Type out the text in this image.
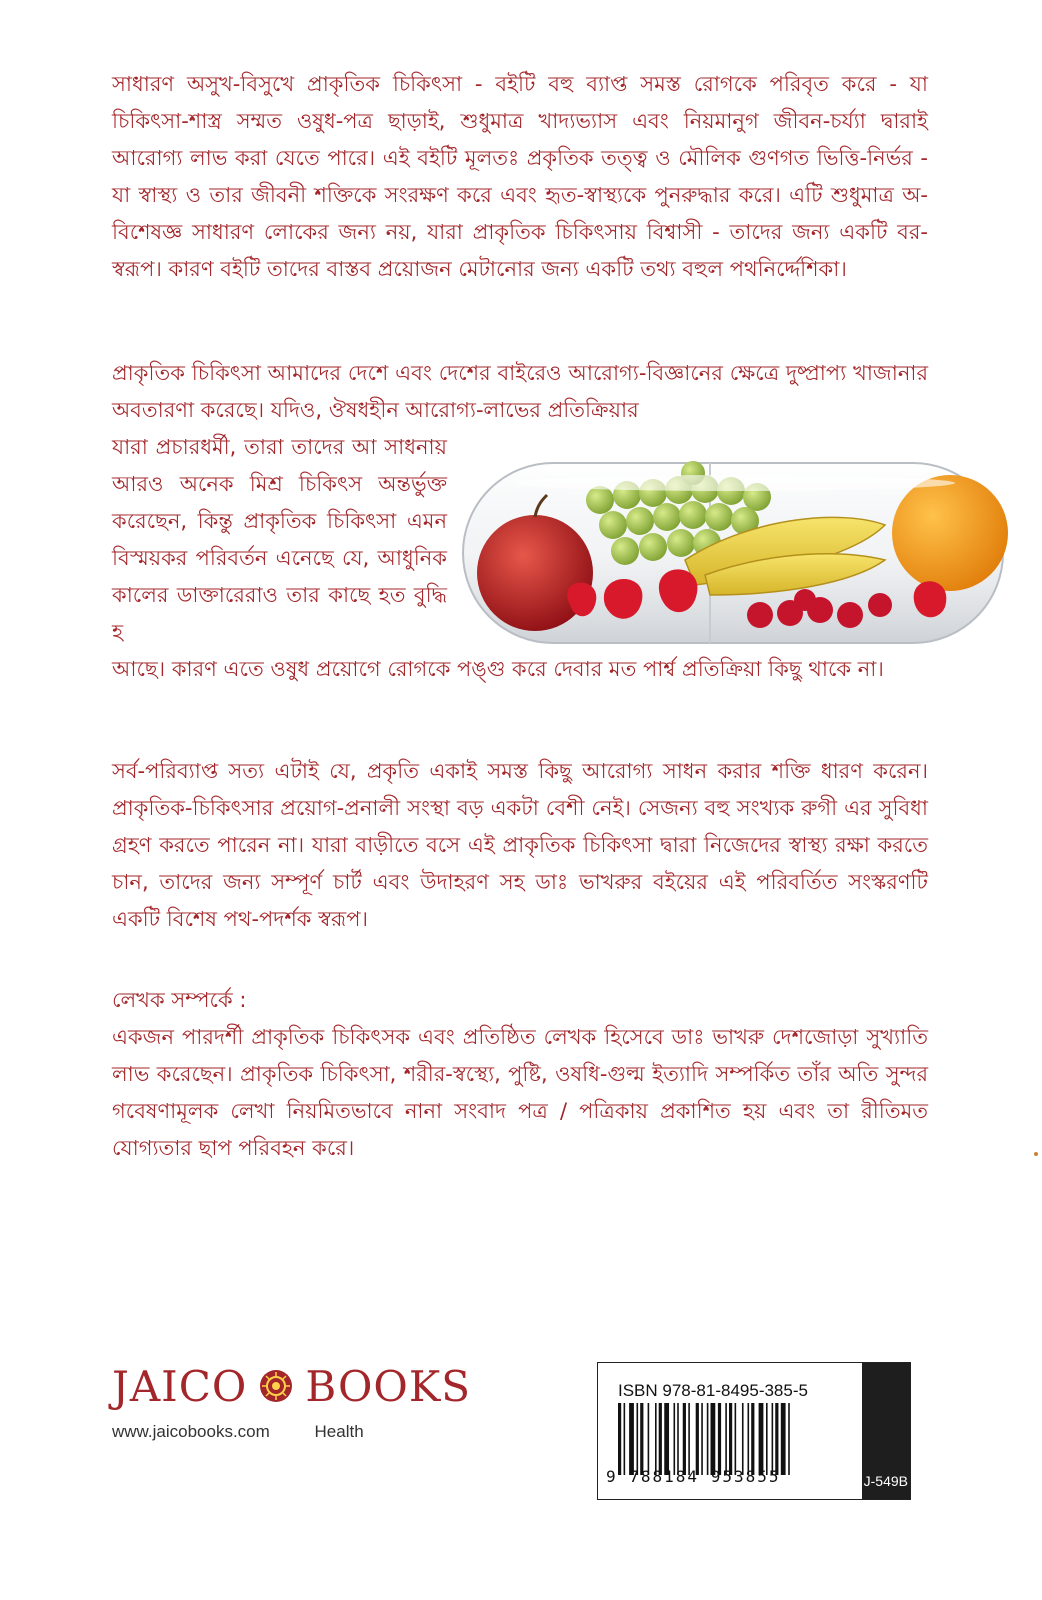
সাধারণ অসুখ-বিসুখে প্রাকৃতিক চিকিৎসা - বইটি বহু ব্যাপ্ত সমস্ত রোগকে পরিবৃত করে - যা চিকিৎসা-শাস্ত্র সম্মত ওষুধ-পত্র ছাড়াই, শুধুমাত্র খাদ্যভ্যাস এবং নিয়মানুগ জীবন-চর্য্যা দ্বারাই আরোগ্য লাভ করা যেতে পারে। এই বইটি মূলতঃ প্রকৃতিক তত্ত্ব ও মৌলিক গুণগত ভিত্তি-নির্ভর - যা স্বাস্থ্য ও তার জীবনী শক্তিকে সংরক্ষণ করে এবং হৃত-স্বাস্থ্যকে পুনরুদ্ধার করে। এটি শুধুমাত্র অ-বিশেষজ্ঞ সাধারণ লোকের জন্য নয়, যারা প্রাকৃতিক চিকিৎসায় বিশ্বাসী - তাদের জন্য একটি বর-স্বরূপ। কারণ বইটি তাদের বাস্তব প্রয়োজন মেটানোর জন্য একটি তথ্য বহুল পথনির্দ্দেশিকা।

প্রাকৃতিক চিকিৎসা আমাদের দেশে এবং দেশের বাইরেও আরোগ্য-বিজ্ঞানের ক্ষেত্রে দুষ্প্রাপ্য খাজানার অবতারণা করেছে। যদিও, ঔষধহীন আরোগ্য-লাভের প্রতিক্রিয়ার

যারা প্রচারধর্মী, তারা তাদের আ সাধনায় আরও অনেক মিশ্র চিকিৎস অন্তর্ভুক্ত করেছেন, কিন্তু প্রাকৃতিক চিকিৎসা এমন বিস্ময়কর পরিবর্তন এনেছে যে, আধুনিক কালের ডাক্তারেরাও তার কাছে হত বুদ্ধি হ

আছে। কারণ এতে ওষুধ প্রয়োগে রোগকে পঙ্গু করে দেবার মত পার্শ্ব প্রতিক্রিয়া কিছু থাকে না।

সর্ব-পরিব্যাপ্ত সত্য এটাই যে, প্রকৃতি একাই সমস্ত কিছু আরোগ্য সাধন করার শক্তি ধারণ করেন। প্রাকৃতিক-চিকিৎসার প্রয়োগ-প্রনালী সংস্থা বড় একটা বেশী নেই। সেজন্য বহু সংখ্যক রুগী এর সুবিধা গ্রহণ করতে পারেন না। যারা বাড়ীতে বসে এই প্রাকৃতিক চিকিৎসা দ্বারা নিজেদের স্বাস্থ্য রক্ষা করতে চান, তাদের জন্য সম্পূর্ণ চার্ট এবং উদাহরণ সহ ডাঃ ভাখরুর বইয়ের এই পরিবর্তিত সংস্করণটি একটি বিশেষ পথ-পদর্শক স্বরূপ।

লেখক সম্পর্কে :

একজন পারদর্শী প্রাকৃতিক চিকিৎসক এবং প্রতিষ্ঠিত লেখক হিসেবে ডাঃ ভাখরু দেশজোড়া সুখ্যাতি লাভ করেছেন। প্রাকৃতিক চিকিৎসা, শরীর-স্বস্থ্যে, পুষ্টি, ওষধি-গুল্ম ইত্যাদি সম্পর্কিত তাঁর অতি সুন্দর গবেষণামূলক লেখা নিয়মিতভাবে নানা সংবাদ পত্র / পত্রিকায় প্রকাশিত হয় এবং তা রীতিমত যোগ্যতার ছাপ পরিবহন করে।

JAICO BOOKS
www.jaicobooks.com	Health
ISBN 978-81-8495-385-5
9 788184 953855	J-549B
